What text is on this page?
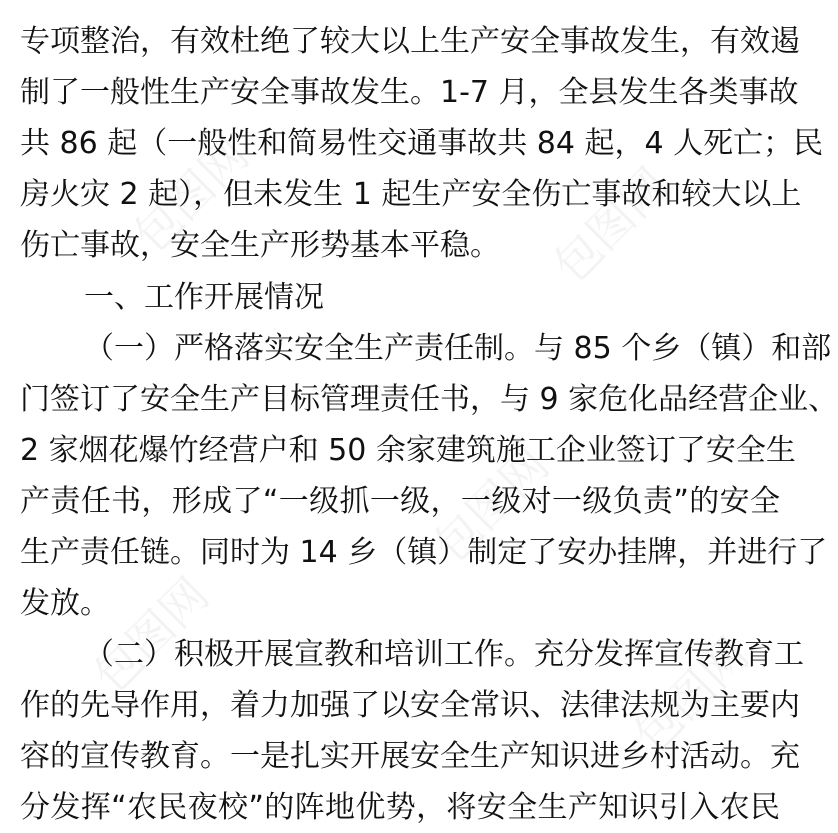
包图网
包图网
包图网
包图网	包图网
专项整治，有效杜绝了较大以上生产安全事故发生，有效遏
制了一般性生产安全事故发生。1-7 月，全县发生各类事故
共 86 起（一般性和简易性交通事故共 84 起，4 人死亡；民
房火灾 2 起），但未发生 1 起生产安全伤亡事故和较大以上
伤亡事故，安全生产形势基本平稳。
一、工作开展情况
（一）严格落实安全生产责任制。与 85 个乡（镇）和部
门签订了安全生产目标管理责任书，与 9 家危化品经营企业、
2 家烟花爆竹经营户和 50 余家建筑施工企业签订了安全生
产责任书，形成了“一级抓一级，一级对一级负责”的安全
生产责任链。同时为 14 乡（镇）制定了安办挂牌，并进行了
发放。
（二）积极开展宣教和培训工作。充分发挥宣传教育工
作的先导作用，着力加强了以安全常识、法律法规为主要内
容的宣传教育。一是扎实开展安全生产知识进乡村活动。充
分发挥“农民夜校”的阵地优势，将安全生产知识引入农民
